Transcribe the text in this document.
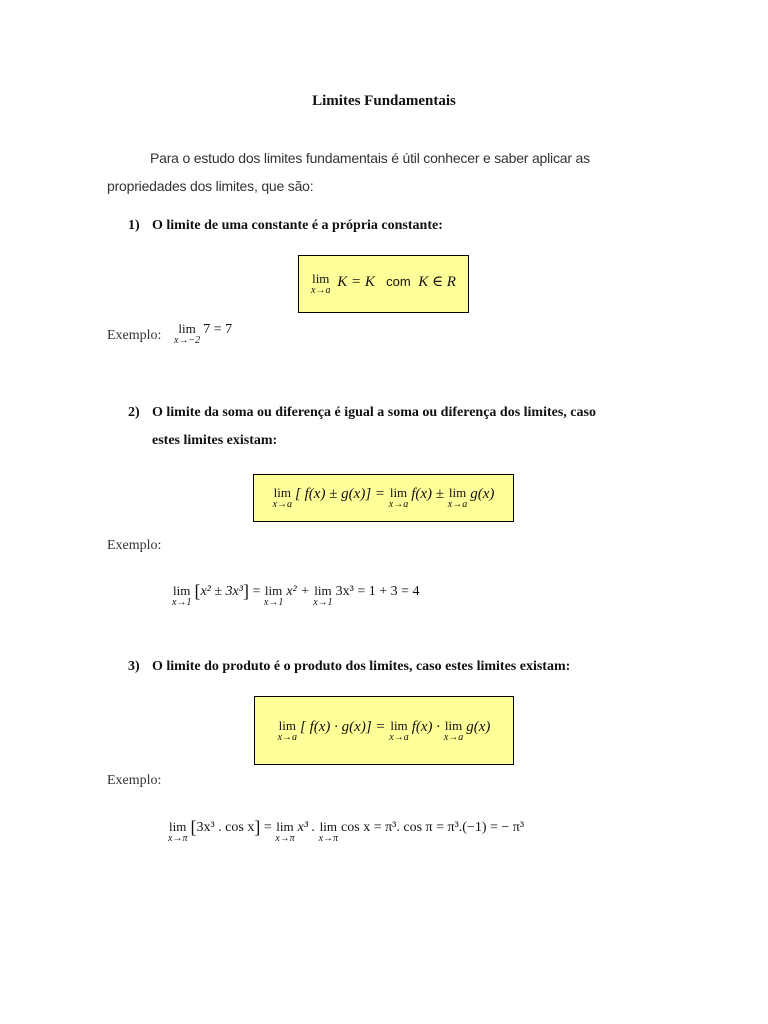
Limites Fundamentais
Para o estudo dos limites fundamentais é útil conhecer e saber aplicar as
propriedades dos limites, que são:
1) O limite de uma constante é a própria constante:
lim
x→a
K = K com K ∈ R
Exemplo: lim
x→−2
7 = 7
2) O limite da soma ou diferença é igual a soma ou diferença dos limites, caso
estes limites existam:
lim
x→a
[ f(x) ± g(x)] = lim
x→a
f(x) ± lim
x→a
g(x)
Exemplo:
lim
x→1
[x² ± 3x³] = lim
x→1
x² + lim
x→1
3x³ = 1 + 3 = 4
3) O limite do produto é o produto dos limites, caso estes limites existam:
lim
x→a
[ f(x) · g(x)] = lim
x→a
f(x) · lim
x→a
g(x)
Exemplo:
lim
x→π
[3x³ . cos x] = lim
x→π
x³ . lim
x→π
cos x = π³. cos π = π³.(−1) = − π³
